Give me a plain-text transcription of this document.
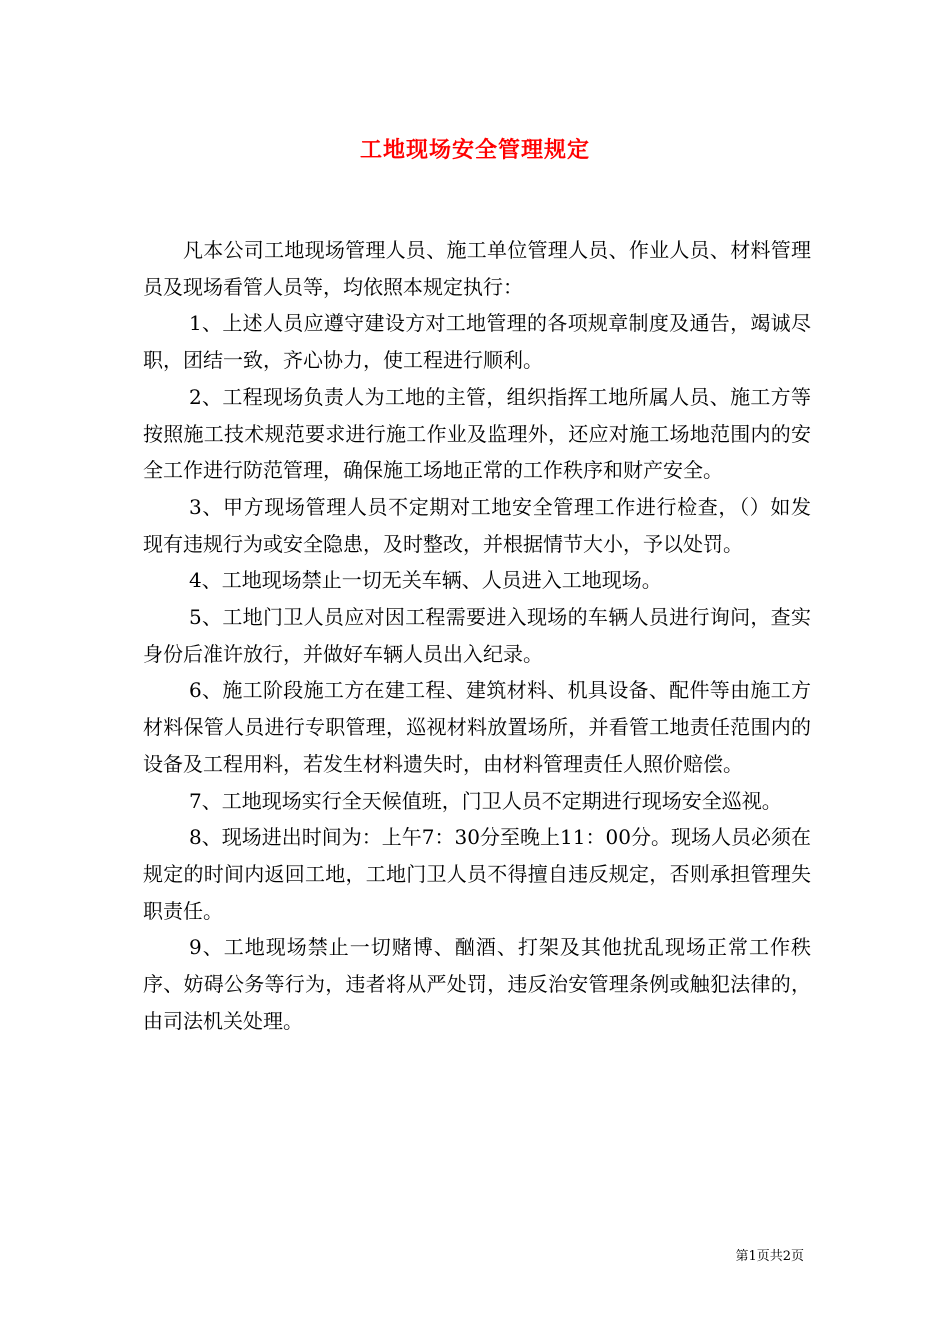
工地现场安全管理规定

凡本公司工地现场管理人员、施工单位管理人员、作业人员、材料管理员及现场看管人员等，均依照本规定执行：

1、上述人员应遵守建设方对工地管理的各项规章制度及通告，竭诚尽职，团结一致，齐心协力，使工程进行顺利。

2、工程现场负责人为工地的主管，组织指挥工地所属人员、施工方等按照施工技术规范要求进行施工作业及监理外，还应对施工场地范围内的安全工作进行防范管理，确保施工场地正常的工作秩序和财产安全。

3、甲方现场管理人员不定期对工地安全管理工作进行检查，（）如发现有违规行为或安全隐患，及时整改，并根据情节大小，予以处罚。

4、工地现场禁止一切无关车辆、人员进入工地现场。

5、工地门卫人员应对因工程需要进入现场的车辆人员进行询问，查实身份后准许放行，并做好车辆人员出入纪录。

6、施工阶段施工方在建工程、建筑材料、机具设备、配件等由施工方材料保管人员进行专职管理，巡视材料放置场所，并看管工地责任范围内的设备及工程用料，若发生材料遗失时，由材料管理责任人照价赔偿。

7、工地现场实行全天候值班，门卫人员不定期进行现场安全巡视。

8、现场进出时间为：上午7：30分至晚上11：00分。现场人员必须在规定的时间内返回工地，工地门卫人员不得擅自违反规定，否则承担管理失职责任。

9、工地现场禁止一切赌博、酗酒、打架及其他扰乱现场正常工作秩序、妨碍公务等行为，违者将从严处罚，违反治安管理条例或触犯法律的，由司法机关处理。

第1页共2页
